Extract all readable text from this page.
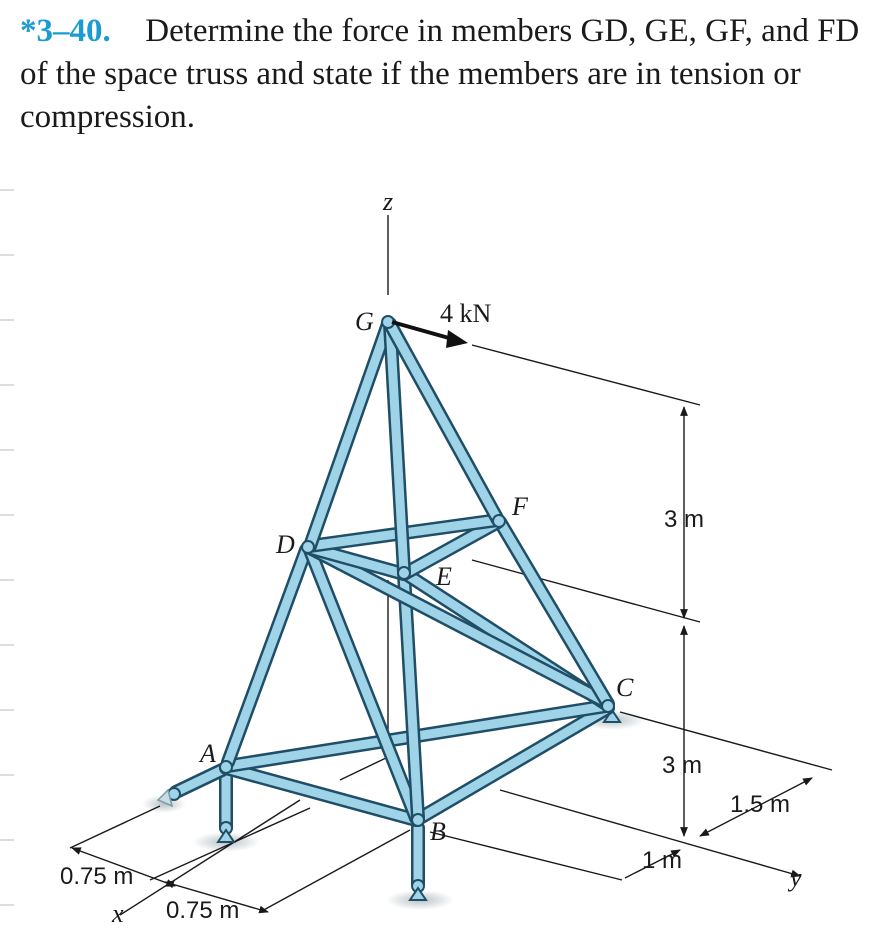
*3–40. Determine the force in members GD, GE, GF, and FD of the space truss and state if the members are in tension or compression.
z
G	4 kN
D
E
F
C
A
B
x
y
3 m
3 m
1.5 m
1 m
0.75 m
0.75 m
